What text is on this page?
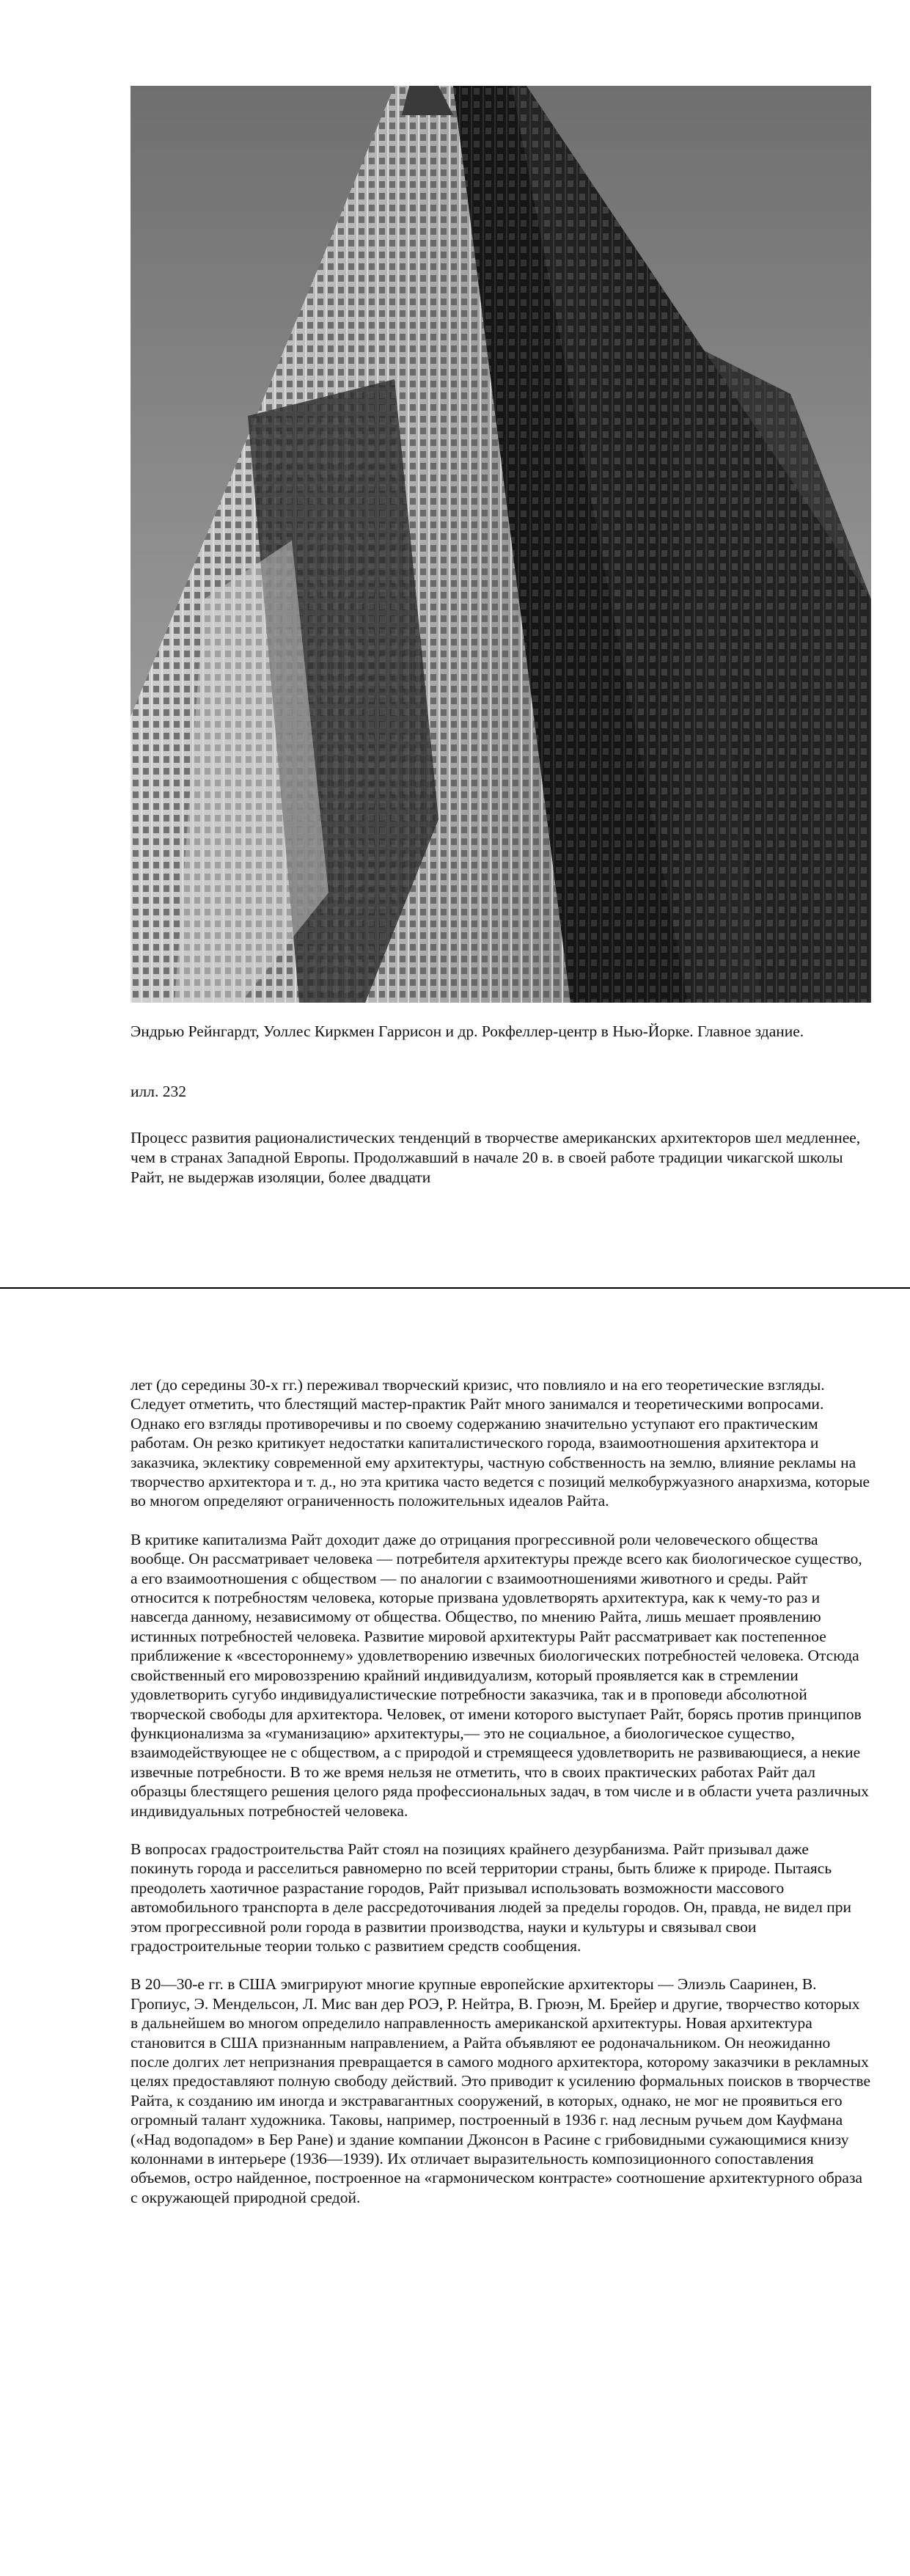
Эндрью Рейнгардт, Уоллес Киркмен Гаррисон и др. Рокфеллер-центр в Нью-Йорке. Главное здание.

илл. 232

Процесс развития рационалистических тенденций в творчестве американских архитекторов шел медленнее, чем в странах Западной Европы. Продолжавший в начале 20 в. в своей работе традиции чикагской школы Райт, не выдержав изоляции, более двадцати

лет (до середины 30-х гг.) переживал творческий кризис, что повлияло и на его теоретические взгляды. Следует отметить, что блестящий мастер-практик Райт много занимался и теоретическими вопросами. Однако его взгляды противоречивы и по своему содержанию значительно уступают его практическим работам. Он резко критикует недостатки капиталистического города, взаимоотношения архитектора и заказчика, эклектику современной ему архитектуры, частную собственность на землю, влияние рекламы на творчество архитектора и т. д., но эта критика часто ведется с позиций мелкобуржуазного анархизма, которые во многом определяют ограниченность положительных идеалов Райта.

В критике капитализма Райт доходит даже до отрицания прогрессивной роли человеческого общества вообще. Он рассматривает человека — потребителя архитектуры прежде всего как биологическое существо, а его взаимоотношения с обществом — по аналогии с взаимоотношениями животного и среды. Райт относится к потребностям человека, которые призвана удовлетворять архитектура, как к чему-то раз и навсегда данному, независимому от общества. Общество, по мнению Райта, лишь мешает проявлению истинных потребностей человека. Развитие мировой архитектуры Райт рассматривает как постепенное приближение к «всестороннему» удовлетворению извечных биологических потребностей человека. Отсюда свойственный его мировоззрению крайний индивидуализм, который проявляется как в стремлении удовлетворить сугубо индивидуалистические потребности заказчика, так и в проповеди абсолютной творческой свободы для архитектора. Человек, от имени которого выступает Райт, борясь против принципов функционализма за «гуманизацию» архитектуры,— это не социальное, а биологическое существо, взаимодействующее не с обществом, а с природой и стремящееся удовлетворить не развивающиеся, а некие извечные потребности. В то же время нельзя не отметить, что в своих практических работах Райт дал образцы блестящего решения целого ряда профессиональных задач, в том числе и в области учета различных индивидуальных потребностей человека.

В вопросах градостроительства Райт стоял на позициях крайнего дезурбанизма. Райт призывал даже покинуть города и расселиться равномерно по всей территории страны, быть ближе к природе. Пытаясь преодолеть хаотичное разрастание городов, Райт призывал использовать возможности массового автомобильного транспорта в деле рассредоточивания людей за пределы городов. Он, правда, не видел при этом прогрессивной роли города в развитии производства, науки и культуры и связывал свои градостроительные теории только с развитием средств сообщения.

В 20—30-е гг. в США эмигрируют многие крупные европейские архитекторы — Элиэль Сааринен, В. Гропиус, Э. Мендельсон, Л. Мис ван дер РОЭ, Р. Нейтра, В. Грюэн, М. Брейер и другие, творчество которых в дальнейшем во многом определило направленность американской архитектуры. Новая архитектура становится в США признанным направлением, а Райта объявляют ее родоначальником. Он неожиданно после долгих лет непризнания превращается в самого модного архитектора, которому заказчики в рекламных целях предоставляют полную свободу действий. Это приводит к усилению формальных поисков в творчестве Райта, к созданию им иногда и экстравагантных сооружений, в которых, однако, не мог не проявиться его огромный талант художника. Таковы, например, построенный в 1936 г. над лесным ручьем дом Кауфмана («Над водопадом» в Бер Ране) и здание компании Джонсон в Расине с грибовидными сужающимися книзу колоннами в интерьере (1936—1939). Их отличает выразительность композиционного сопоставления объемов, остро найденное, построенное на «гармоническом контрасте» соотношение архитектурного образа с окружающей природной средой.
